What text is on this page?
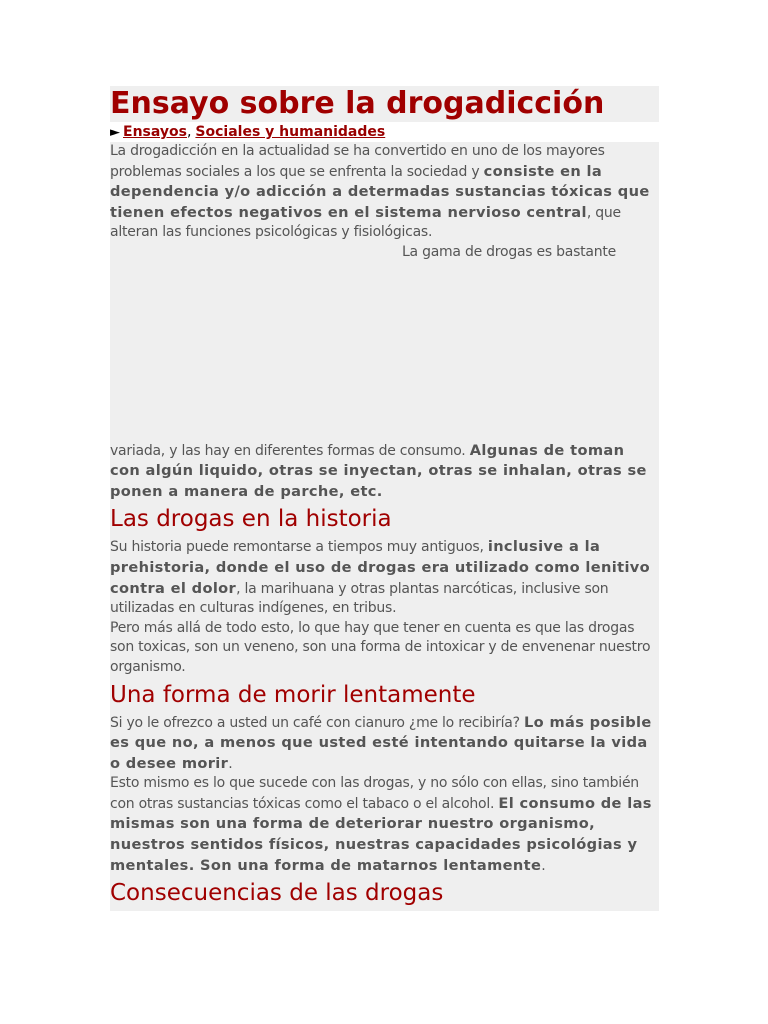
Ensayo sobre la drogadicción
► Ensayos, Sociales y humanidades

La drogadicción en la actualidad se ha convertido en uno de los mayores problemas sociales a los que se enfrenta la sociedad y consiste en la dependencia y/o adicción a determadas sustancias tóxicas que tienen efectos negativos en el sistema nervioso central, que alteran las funciones psicológicas y fisiológicas.
La gama de drogas es bastante

variada, y las hay en diferentes formas de consumo. Algunas de toman con algún liquido, otras se inyectan, otras se inhalan, otras se ponen a manera de parche, etc.

Las drogas en la historia

Su historia puede remontarse a tiempos muy antiguos, inclusive a la prehistoria, donde el uso de drogas era utilizado como lenitivo contra el dolor, la marihuana y otras plantas narcóticas, inclusive son utilizadas en culturas indígenes, en tribus.

Pero más allá de todo esto, lo que hay que tener en cuenta es que las drogas son toxicas, son un veneno, son una forma de intoxicar y de envenenar nuestro organismo.

Una forma de morir lentamente

Si yo le ofrezco a usted un café con cianuro ¿me lo recibiría? Lo más posible es que no, a menos que usted esté intentando quitarse la vida o desee morir.

Esto mismo es lo que sucede con las drogas, y no sólo con ellas, sino también con otras sustancias tóxicas como el tabaco o el alcohol. El consumo de las mismas son una forma de deteriorar nuestro organismo, nuestros sentidos físicos, nuestras capacidades psicológias y mentales. Son una forma de matarnos lentamente.

Consecuencias de las drogas
